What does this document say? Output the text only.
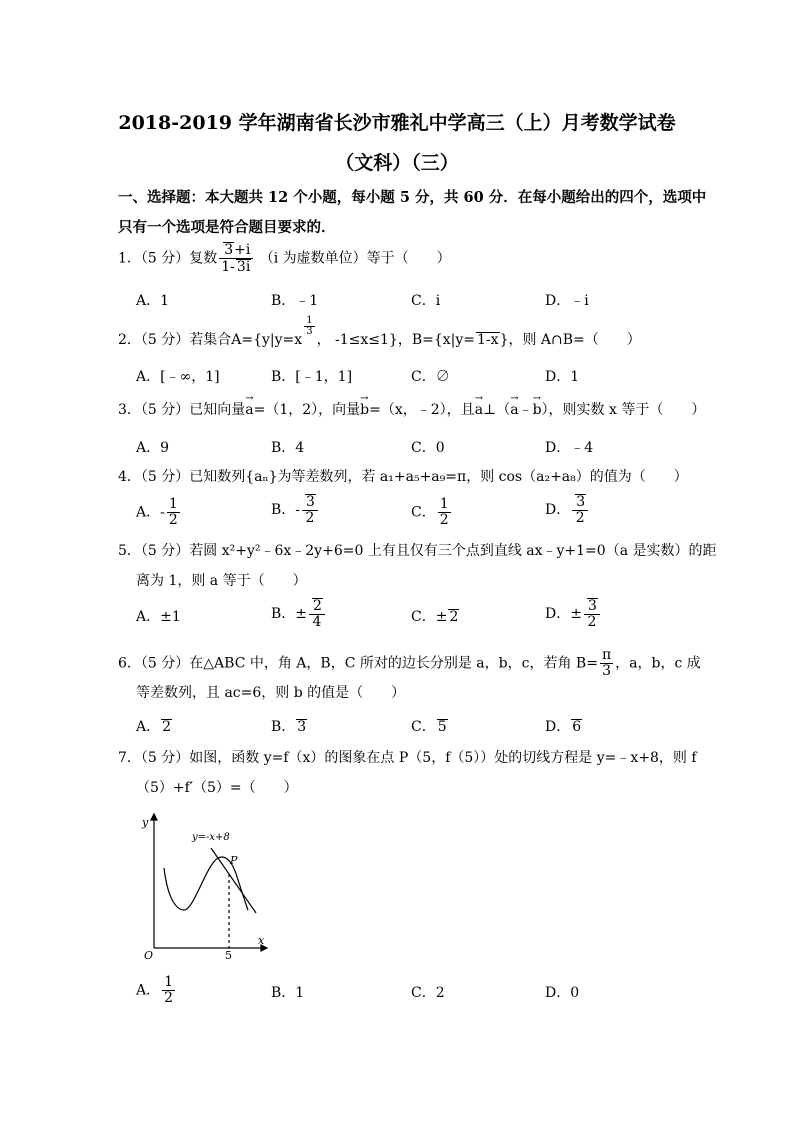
2018-2019 学年湖南省长沙市雅礼中学高三（上）月考数学试卷
（文科）（三）
一、选择题：本大题共 12 个小题，每小题 5 分，共 60 分．在每小题给出的四个，选项中
只有一个选项是符合题目要求的．
1．（5 分）复数 $\frac{3+i}{1- 3i} (i$ 为虚数单位）等于（　　）
A．1	B．﹣1	C．i	D．﹣i
2．（5 分）若集合A={y|y=x
$\frac{1}{3}$
， -1≤x≤1}，B={x|y= 1-x}，则 A∩B=（　　）
A．[﹣∞，1]	B．[﹣1，1]	C．∅	D．1
3．（5 分）已知向量→ a=（1，2），向量→ b=（x，﹣2），且→ a⊥（→ a﹣→ b），则实数 x 等于（　　）
A．9	B．4	C．0	D．﹣4
4．（5 分）已知数列{aₙ}为等差数列，若 a₁+a₅+a₉=π，则 cos（a₂+a₈）的值为（　　）
A．- $\frac{1}{2}$	B．- $\frac{3}{2}$	C． $\frac{1}{2}$	D． $\frac{3}{2}$
5．（5 分）若圆 x²+y²﹣6x﹣2y+6=0 上有且仅有三个点到直线 ax﹣y+1=0（a 是实数）的距
离为 1，则 a 等于（　　）
A．±1	B．± $\frac{2}{4}$	C．± 2	D．± $\frac{3}{2}$
6．（5 分）在△ABC 中，角 A，B，C 所对的边长分别是 a，b，c，若角 $B= \frac{\pi}{3}$ ，a，b，c 成
等差数列，且 ac=6，则 b 的值是（　　）
A． 2	B． 3	C． 5	D． 6
7．（5 分）如图，函数 y=f（x）的图象在点 P（5，f（5））处的切线方程是 y=﹣x+8，则 f
（5）+f′（5）=（　　）
y
x
O	5
P
y=-x+8
A． $\frac{1}{2}$	B．1	C．2	D．0
